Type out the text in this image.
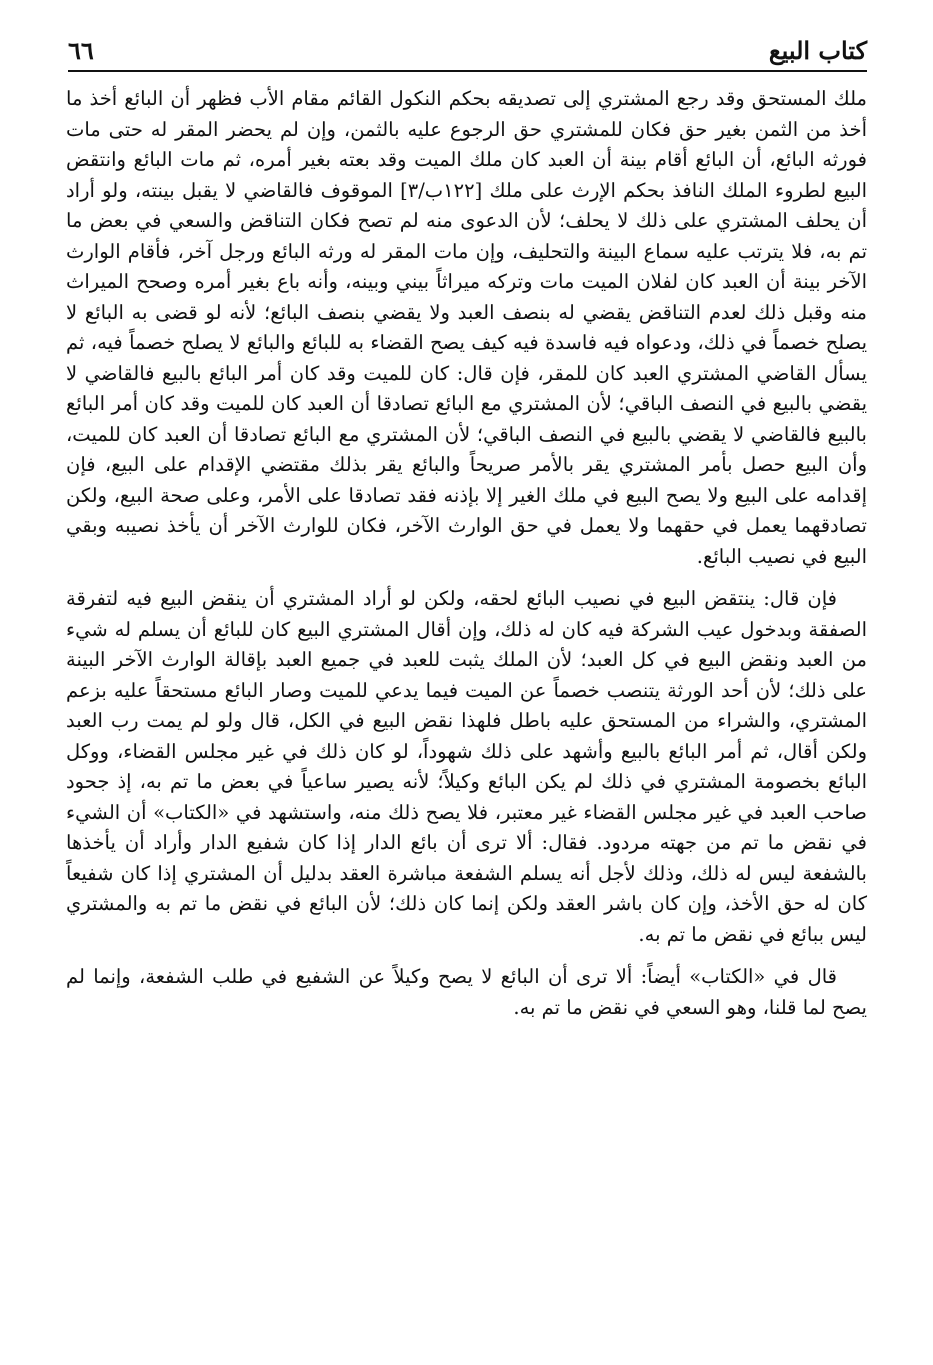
كتاب البيع
٦٦

ملك المستحق وقد رجع المشتري إلى تصديقه بحكم النكول القائم مقام الأب فظهر أن البائع أخذ ما أخذ من الثمن بغير حق فكان للمشتري حق الرجوع عليه بالثمن، وإن لم يحضر المقر له حتى مات فورثه البائع، أن البائع أقام بينة أن العبد كان ملك الميت وقد بعته بغير أمره، ثم مات البائع وانتقض البيع لطروء الملك النافذ بحكم الإرث على ملك [١٢٢ب/٣] الموقوف فالقاضي لا يقبل بينته، ولو أراد أن يحلف المشتري على ذلك لا يحلف؛ لأن الدعوى منه لم تصح فكان التناقض والسعي في بعض ما تم به، فلا يترتب عليه سماع البينة والتحليف، وإن مات المقر له ورثه البائع ورجل آخر، فأقام الوارث الآخر بينة أن العبد كان لفلان الميت مات وتركه ميراثاً بيني وبينه، وأنه باع بغير أمره وصحح الميراث منه وقبل ذلك لعدم التناقض يقضي له بنصف العبد ولا يقضي بنصف البائع؛ لأنه لو قضى به البائع لا يصلح خصماً في ذلك، ودعواه فيه فاسدة فيه كيف يصح القضاء به للبائع والبائع لا يصلح خصماً فيه، ثم يسأل القاضي المشتري العبد كان للمقر، فإن قال: كان للميت وقد كان أمر البائع بالبيع فالقاضي لا يقضي بالبيع في النصف الباقي؛ لأن المشتري مع البائع تصادقا أن العبد كان للميت وقد كان أمر البائع بالبيع فالقاضي لا يقضي بالبيع في النصف الباقي؛ لأن المشتري مع البائع تصادقا أن العبد كان للميت، وأن البيع حصل بأمر المشتري يقر بالأمر صريحاً والبائع يقر بذلك مقتضي الإقدام على البيع، فإن إقدامه على البيع ولا يصح البيع في ملك الغير إلا بإذنه فقد تصادقا على الأمر، وعلى صحة البيع، ولكن تصادقهما يعمل في حقهما ولا يعمل في حق الوارث الآخر، فكان للوارث الآخر أن يأخذ نصيبه وبقي البيع في نصيب البائع.

فإن قال: ينتقض البيع في نصيب البائع لحقه، ولكن لو أراد المشتري أن ينقض البيع فيه لتفرقة الصفقة وبدخول عيب الشركة فيه كان له ذلك، وإن أقال المشتري البيع كان للبائع أن يسلم له شيء من العبد ونقض البيع في كل العبد؛ لأن الملك يثبت للعبد في جميع العبد بإقالة الوارث الآخر البينة على ذلك؛ لأن أحد الورثة يتنصب خصماً عن الميت فيما يدعي للميت وصار البائع مستحقاً عليه بزعم المشتري، والشراء من المستحق عليه باطل فلهذا نقض البيع في الكل، قال ولو لم يمت رب العبد ولكن أقال، ثم أمر البائع بالبيع وأشهد على ذلك شهوداً، لو كان ذلك في غير مجلس القضاء، ووكل البائع بخصومة المشتري في ذلك لم يكن البائع وكيلاً؛ لأنه يصير ساعياً في بعض ما تم به، إذ جحود صاحب العبد في غير مجلس القضاء غير معتبر، فلا يصح ذلك منه، واستشهد في «الكتاب» أن الشيء في نقض ما تم من جهته مردود. فقال: ألا ترى أن بائع الدار إذا كان شفيع الدار وأراد أن يأخذها بالشفعة ليس له ذلك، وذلك لأجل أنه يسلم الشفعة مباشرة العقد بدليل أن المشتري إذا كان شفيعاً كان له حق الأخذ، وإن كان باشر العقد ولكن إنما كان ذلك؛ لأن البائع في نقض ما تم به والمشتري ليس ببائع في نقض ما تم به.

قال في «الكتاب» أيضاً: ألا ترى أن البائع لا يصح وكيلاً عن الشفيع في طلب الشفعة، وإنما لم يصح لما قلنا، وهو السعي في نقض ما تم به.
